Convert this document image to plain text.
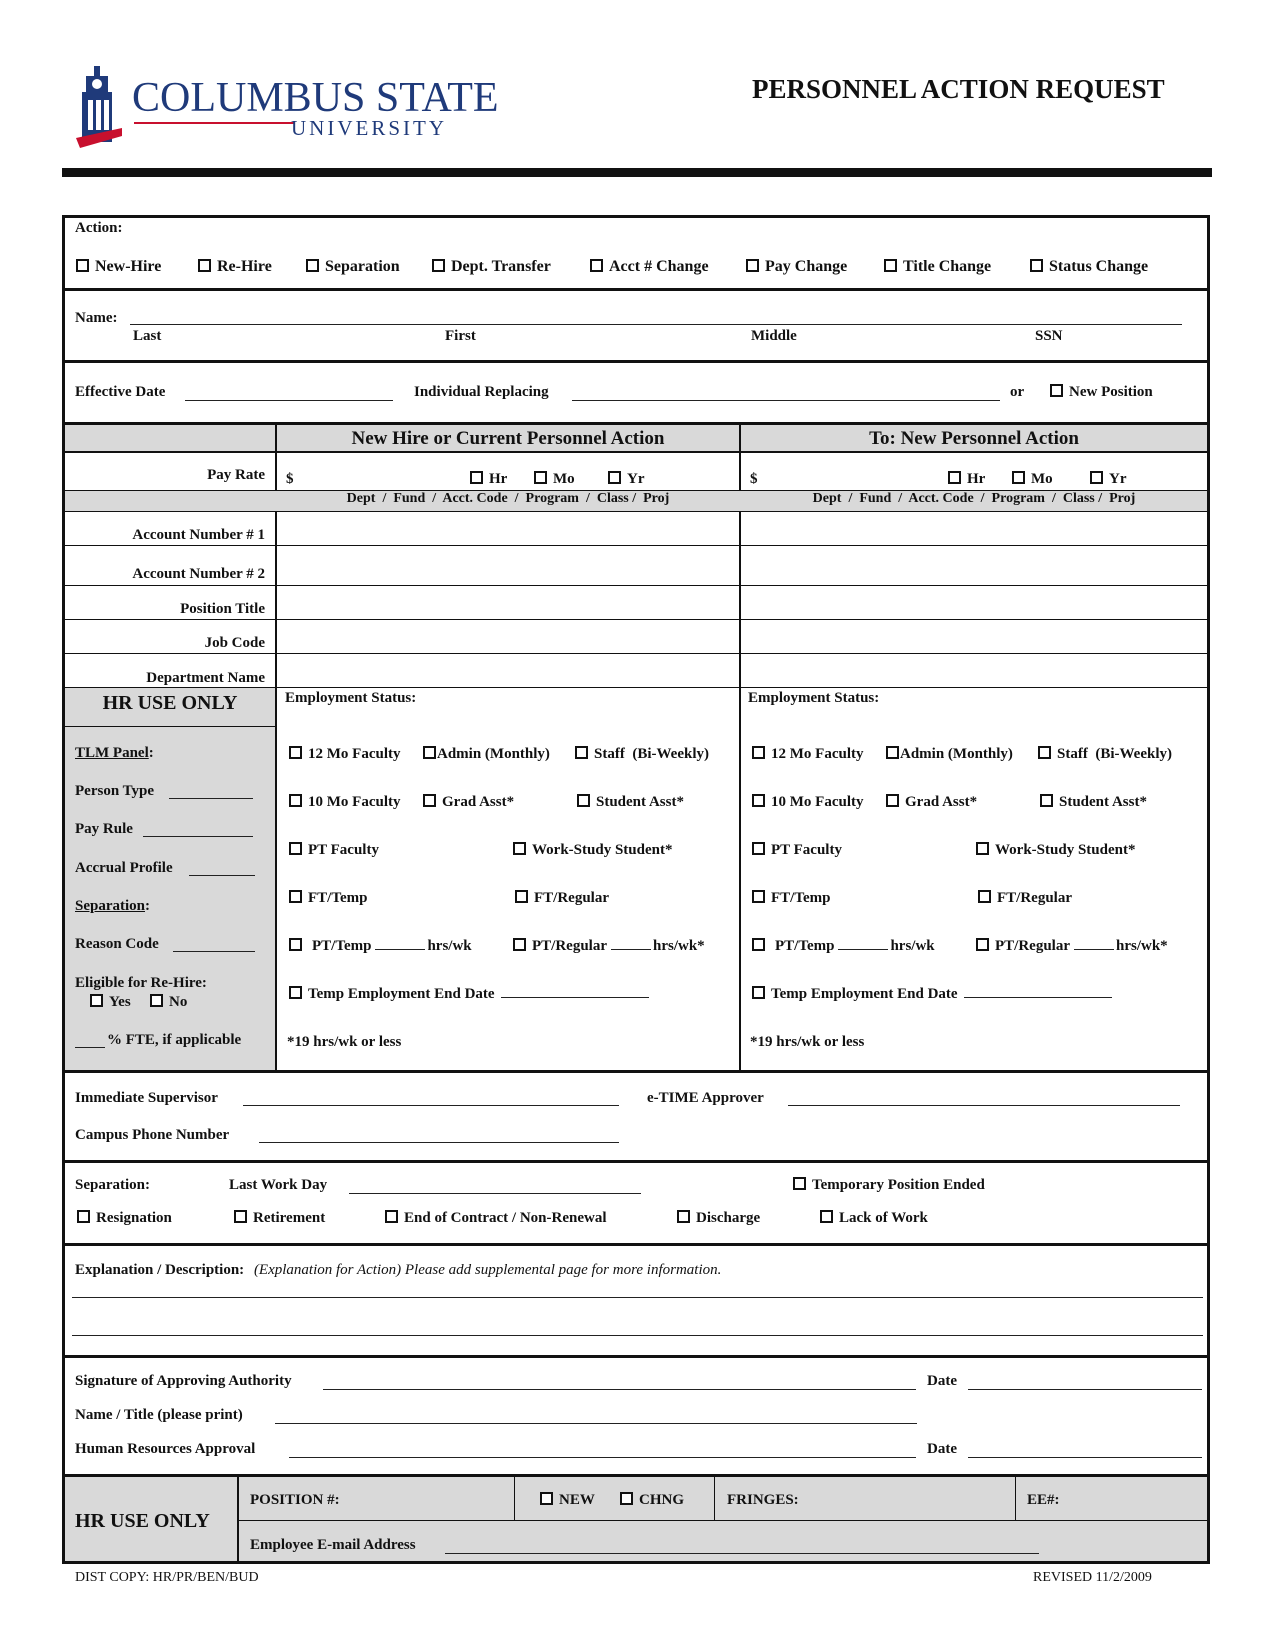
COLUMBUS STATE
UNIVERSITY
PERSONNEL ACTION REQUEST
Action:
New-Hire	Re-Hire	Separation	Dept. Transfer	Acct # Change	Pay Change	Title Change	Status Change
Name:
Last	First	Middle	SSN
Effective Date	Individual Replacing	or	New Position
New Hire or Current Personnel Action	To: New Personnel Action
Pay Rate $	Hr	Mo	Yr	$	Hr	Mo	Yr
Dept  /  Fund  /  Acct. Code  /  Program  /  Class /  Proj	Dept  /  Fund  /  Acct. Code  /  Program  /  Class /  Proj
Account Number # 1
Account Number # 2
Position Title
Job Code
Department Name
HR USE ONLY
TLM Panel:
Person Type
Pay Rule
Accrual Profile
Separation:
Reason Code
Eligible for Re-Hire:
Yes	No
% FTE, if applicable
Employment Status:
12 Mo Faculty	Admin (Monthly)	Staff  (Bi-Weekly)
10 Mo Faculty	Grad Asst*	Student Asst*
PT Faculty	Work-Study Student*
FT/Temp	FT/Regular
PT/Temp	hrs/wk	PT/Regular	hrs/wk*
Temp Employment End Date
*19 hrs/wk or less
Employment Status:
12 Mo Faculty	Admin (Monthly)	Staff  (Bi-Weekly)
10 Mo Faculty	Grad Asst*	Student Asst*
PT Faculty	Work-Study Student*
FT/Temp	FT/Regular
PT/Temp	hrs/wk	PT/Regular	hrs/wk*
Temp Employment End Date
*19 hrs/wk or less
Immediate Supervisor	e-TIME Approver
Campus Phone Number
Separation:	Last Work Day	Temporary Position Ended
Resignation	Retirement	End of Contract / Non-Renewal	Discharge	Lack of Work
Explanation / Description: (Explanation for Action) Please add supplemental page for more information.
Signature of Approving Authority	Date
Name / Title (please print)
Human Resources Approval	Date
HR USE ONLY
POSITION #:	NEW	CHNG	FRINGES:	EE#:
Employee E-mail Address
DIST COPY: HR/PR/BEN/BUD	REVISED 11/2/2009
